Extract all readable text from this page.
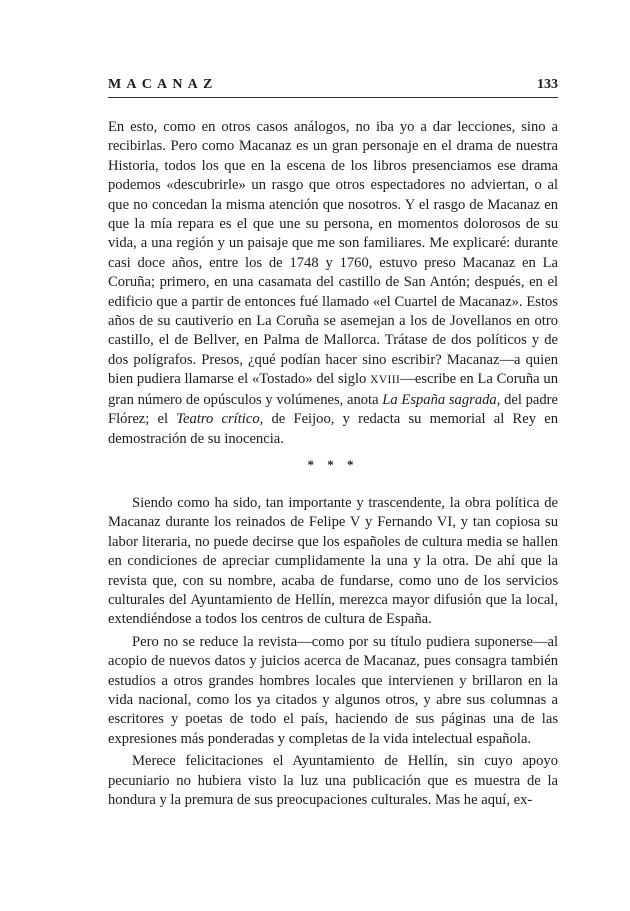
MACANAZ	133

En esto, como en otros casos análogos, no iba yo a dar lecciones, sino a recibirlas. Pero como Macanaz es un gran personaje en el drama de nuestra Historia, todos los que en la escena de los libros presenciamos ese drama podemos «descubrirle» un rasgo que otros espectadores no adviertan, o al que no concedan la misma atención que nosotros. Y el rasgo de Macanaz en que la mía repara es el que une su persona, en momentos dolorosos de su vida, a una región y un paisaje que me son familiares. Me explicaré: durante casi doce años, entre los de 1748 y 1760, estuvo preso Macanaz en La Coruña; primero, en una casamata del castillo de San Antón; después, en el edificio que a partir de entonces fué llamado «el Cuartel de Macanaz». Estos años de su cautiverio en La Coruña se asemejan a los de Jovellanos en otro castillo, el de Bellver, en Palma de Mallorca. Trátase de dos políticos y de dos polígrafos. Presos, ¿qué podían hacer sino escribir? Macanaz—a quien bien pudiera llamarse el «Tostado» del siglo XVIII—escribe en La Coruña un gran número de opúsculos y volúmenes, anota La España sagrada, del padre Flórez; el Teatro crítico, de Feijoo, y redacta su memorial al Rey en demostración de su inocencia.

* * *

Siendo como ha sido, tan importante y trascendente, la obra política de Macanaz durante los reinados de Felipe V y Fernando VI, y tan copiosa su labor literaria, no puede decirse que los españoles de cultura media se hallen en condiciones de apreciar cumplidamente la una y la otra. De ahí que la revista que, con su nombre, acaba de fundarse, como uno de los servicios culturales del Ayuntamiento de Hellín, merezca mayor difusión que la local, extendiéndose a todos los centros de cultura de España.

Pero no se reduce la revista—como por su título pudiera suponerse—al acopio de nuevos datos y juicios acerca de Macanaz, pues consagra también estudios a otros grandes hombres locales que intervienen y brillaron en la vida nacional, como los ya citados y algunos otros, y abre sus columnas a escritores y poetas de todo el país, haciendo de sus páginas una de las expresiones más ponderadas y completas de la vida intelectual española.

Merece felicitaciones el Ayuntamiento de Hellín, sin cuyo apoyo pecuniario no hubiera visto la luz una publicación que es muestra de la hondura y la premura de sus preocupaciones culturales. Mas he aquí, ex-
